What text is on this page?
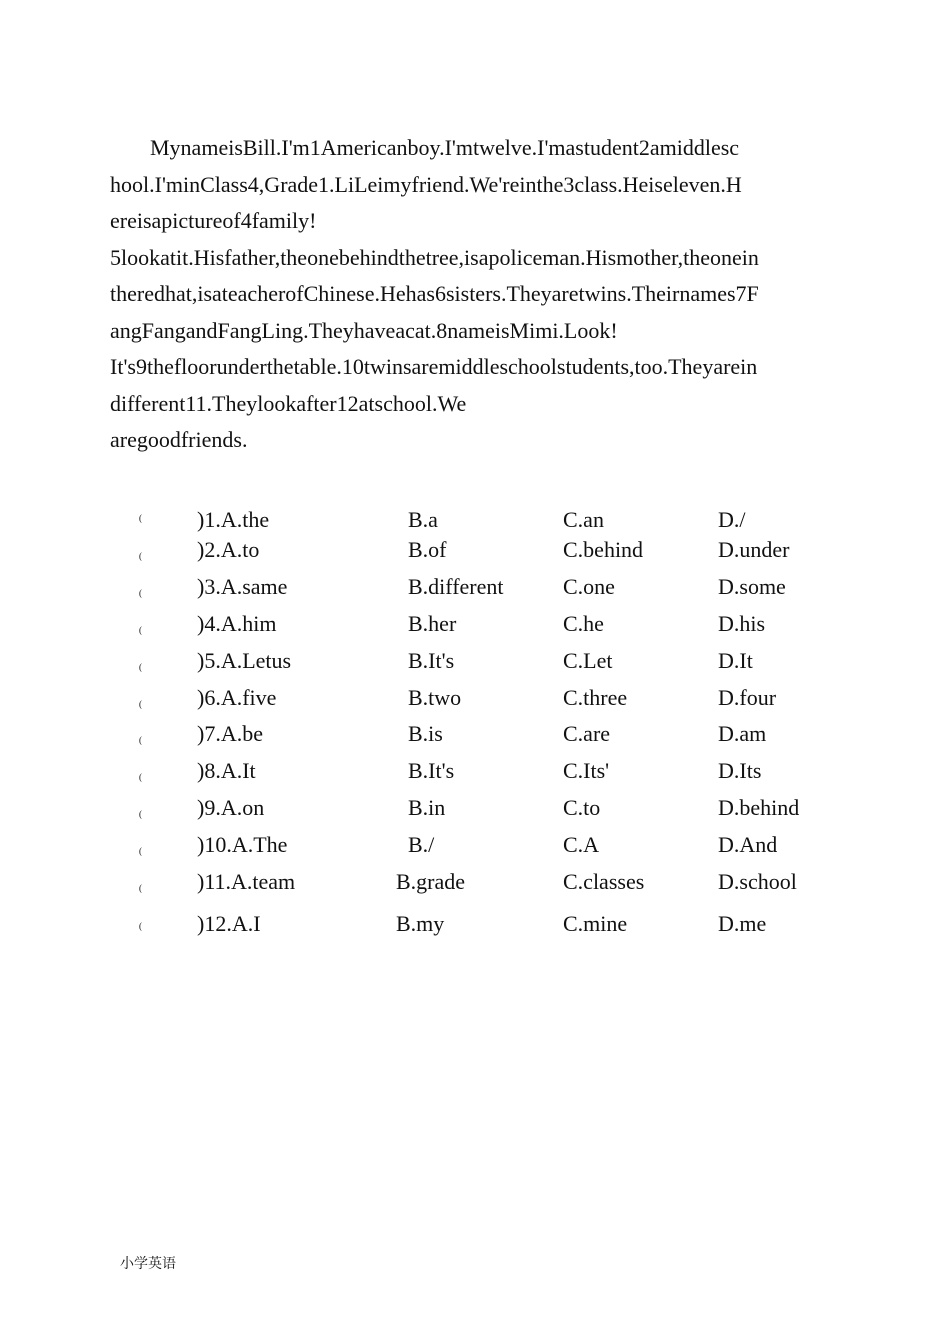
MynameisBill.I'm1Americanboy.I'mtwelve.I'mastudent2amiddlesc
hool.I'minClass4,Grade1.LiLeimyfriend.We'reinthe3class.Heiseleven.H
ereisapictureof4family!
5lookatit.Hisfather,theonebehindthetree,isapoliceman.Hismother,theonein
theredhat,isateacherofChinese.Hehas6sisters.Theyaretwins.Theirnames7F
angFangandFangLing.Theyhaveacat.8nameisMimi.Look!
It's9thefloorunderthetable.10twinsaremiddleschoolstudents,too.Theyarein
different11.Theylookafter12atschool.We
aregoodfriends.
(	)1.A.the	B.a	C.an	D./
(	)2.A.to	B.of	C.behind	D.under
(	)3.A.same	B.different	C.one	D.some
(	)4.A.him	B.her	C.he	D.his
(	)5.A.Letus	B.It's	C.Let	D.It
(	)6.A.five	B.two	C.three	D.four
(	)7.A.be	B.is	C.are	D.am
(	)8.A.It	B.It's	C.Its'	D.Its
(	)9.A.on	B.in	C.to	D.behind
(	)10.A.The	B./	C.A	D.And
(	)11.A.team	B.grade	C.classes	D.school
(	)12.A.I	B.my	C.mine	D.me
小学英语
